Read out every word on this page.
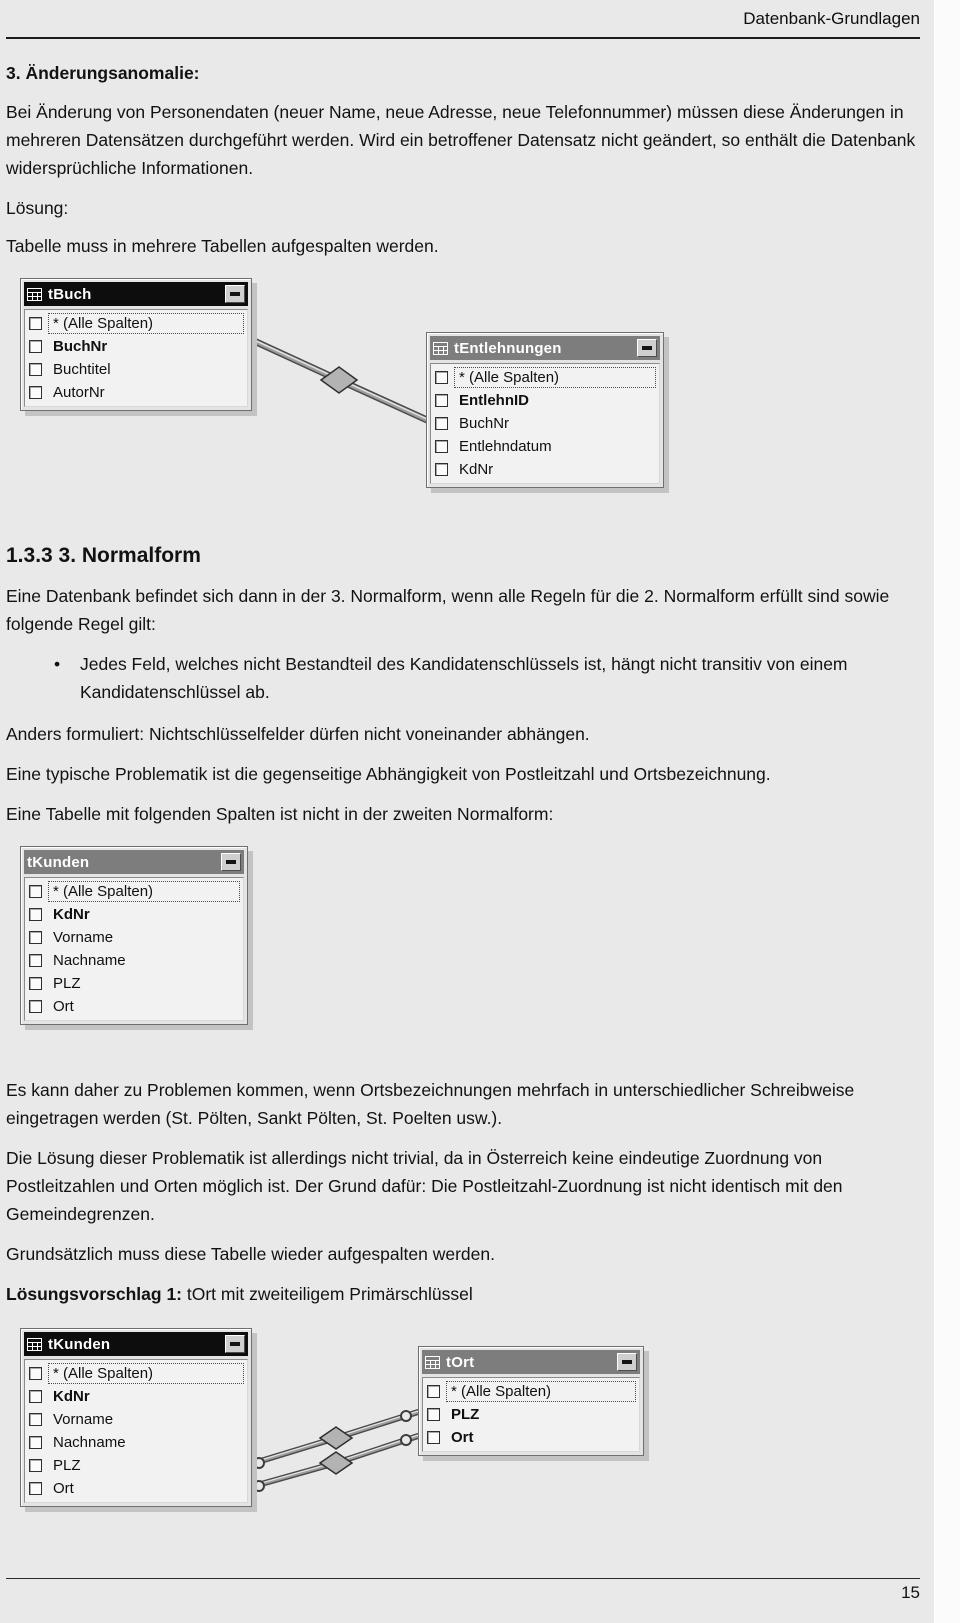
Datenbank-Grundlagen
3. Änderungsanomalie:

Bei Änderung von Personendaten (neuer Name, neue Adresse, neue Telefonnummer) müssen diese Änderungen in mehreren Datensätzen durchgeführt werden. Wird ein betroffener Datensatz nicht geändert, so enthält die Datenbank widersprüchliche Informationen.

Lösung:

Tabelle muss in mehrere Tabellen aufgespalten werden.

tBuch
* (Alle Spalten)
BuchNr
Buchtitel
AutorNr
tEntlehnungen
* (Alle Spalten)
EntlehnID
BuchNr
Entlehndatum
KdNr
1.3.3 3. Normalform

Eine Datenbank befindet sich dann in der 3. Normalform, wenn alle Regeln für die 2. Normalform erfüllt sind sowie folgende Regel gilt:

•	Jedes Feld, welches nicht Bestandteil des Kandidatenschlüssels ist, hängt nicht transitiv von einem Kandidatenschlüssel ab.

Anders formuliert: Nichtschlüsselfelder dürfen nicht voneinander abhängen.

Eine typische Problematik ist die gegenseitige Abhängigkeit von Postleitzahl und Ortsbezeichnung.

Eine Tabelle mit folgenden Spalten ist nicht in der zweiten Normalform:

tKunden
* (Alle Spalten)
KdNr
Vorname
Nachname
PLZ
Ort

Es kann daher zu Problemen kommen, wenn Ortsbezeichnungen mehrfach in unterschiedlicher Schreibweise eingetragen werden (St. Pölten, Sankt Pölten, St. Poelten usw.).

Die Lösung dieser Problematik ist allerdings nicht trivial, da in Österreich keine eindeutige Zuordnung von Postleitzahlen und Orten möglich ist. Der Grund dafür: Die Postleitzahl-Zuordnung ist nicht identisch mit den Gemeindegrenzen.

Grundsätzlich muss diese Tabelle wieder aufgespalten werden.

Lösungsvorschlag 1: tOrt mit zweiteiligem Primärschlüssel

tKunden
* (Alle Spalten)
KdNr
Vorname
Nachname
PLZ
Ort
tOrt
* (Alle Spalten)
PLZ
Ort
15
